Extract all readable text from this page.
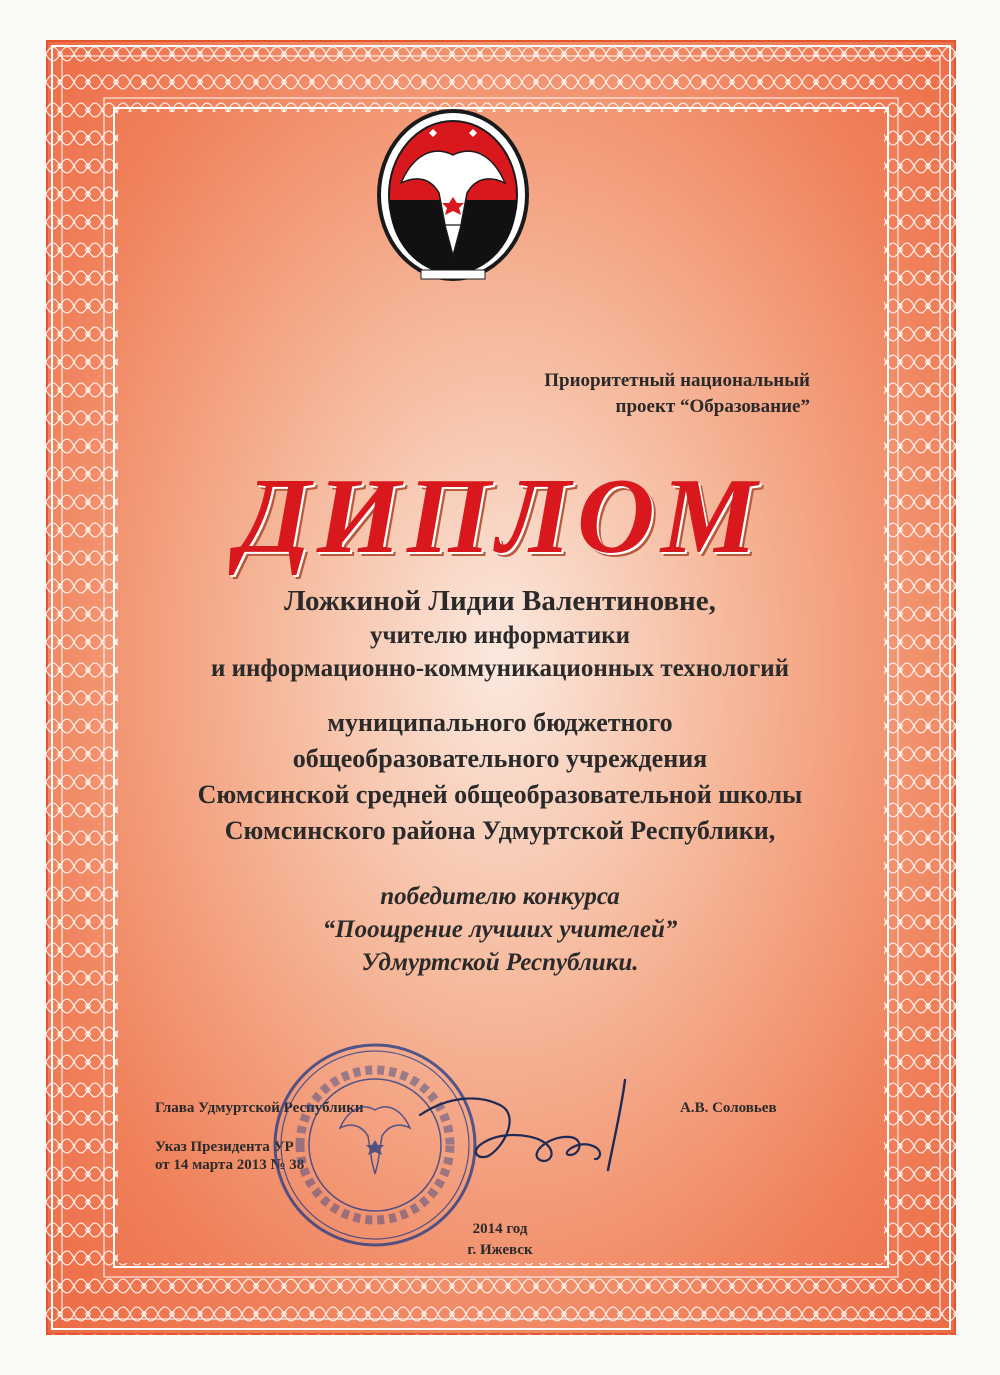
Приоритетный национальный
проект “Образование”
ДИПЛОМ
Ложкиной Лидии Валентиновне,
учителю информатики
и информационно-коммуникационных технологий
муниципального бюджетного
общеобразовательного учреждения
Сюмсинской средней общеобразовательной школы
Сюмсинского района Удмуртской Республики,
победителю конкурса
“Поощрение лучших учителей”
Удмуртской Республики.
Глава Удмуртской Республики	А.В. Соловьев
Указ Президента УР
от 14 марта 2013 № 38
2014 год
г. Ижевск
